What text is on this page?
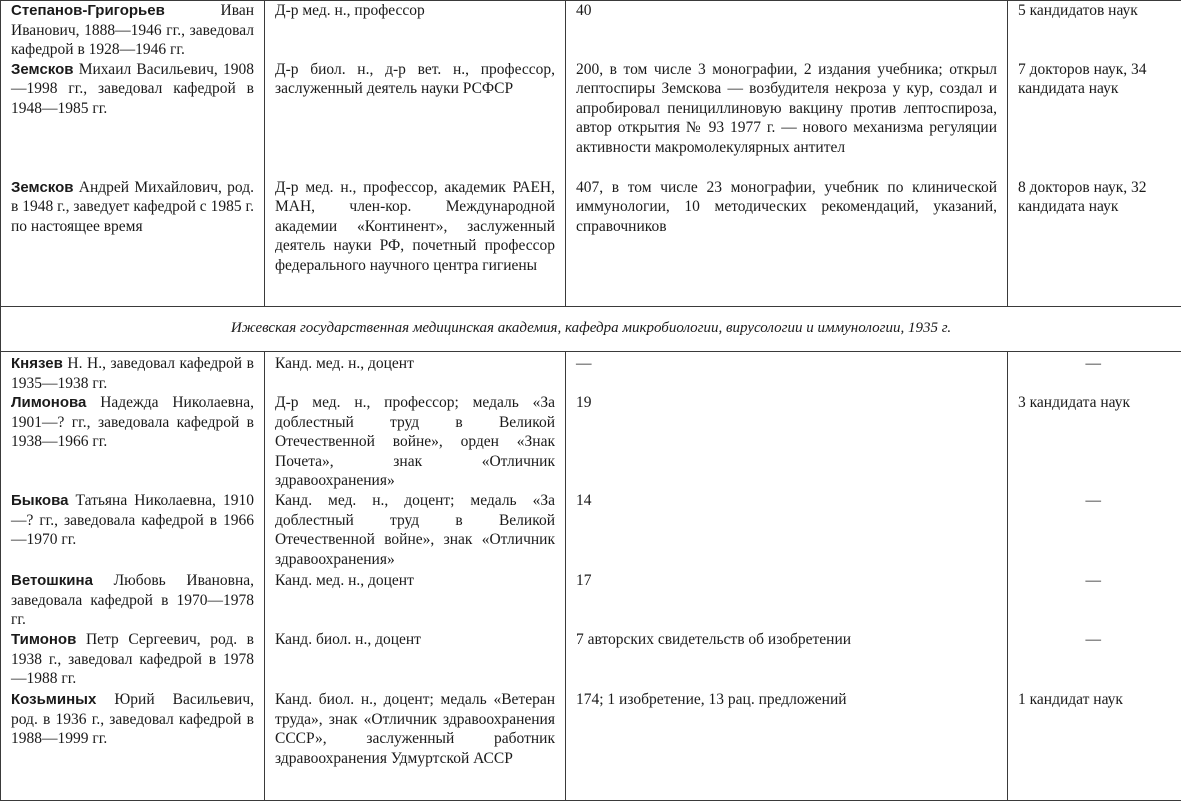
Степанов-Григорьев Иван Иванович, 1888—1946 гг., заведовал кафедрой в 1928—1946 гг.	Д-р мед. н., профессор	40	5 кандидатов наук
Земсков Михаил Васильевич, 1908—1998 гг., заведовал кафедрой в 1948—1985 гг.	Д-р биол. н., д-р вет. н., профессор, заслуженный деятель науки РСФСР	200, в том числе 3 монографии, 2 издания учебника; открыл лептоспиры Земскова — возбудителя некроза у кур, создал и апробировал пенициллиновую вакцину против лептоспироза, автор открытия № 93 1977 г. — нового механизма регуляции активности макромолекулярных антител	7 докторов наук, 34 кандидата наук
Земсков Андрей Михайлович, род. в 1948 г., заведует кафедрой с 1985 г. по настоящее время	Д-р мед. н., профессор, академик РАЕН, МАН, член-кор. Международной академии «Континент», заслуженный деятель науки РФ, почетный профессор федерального научного центра гигиены	407, в том числе 23 монографии, учебник по клинической иммунологии, 10 методических рекомендаций, указаний, справочников	8 докторов наук, 32 кандидата наук
Ижевская государственная медицинская академия, кафедра микробиологии, вирусологии и иммунологии, 1935 г.			
Князев Н. Н., заведовал кафедрой в 1935—1938 гг.	Канд. мед. н., доцент	—	—

Лимонова Надежда Николаевна, 1901—? гг., заведовала кафедрой в 1938—1966 гг.	Д-р мед. н., профессор; медаль «За доблестный труд в Великой Отечественной войне», орден «Знак Почета», знак «Отличник здравоохранения»	19	3 кандидата наук
Быкова Татьяна Николаевна, 1910—? гг., заведовала кафедрой в 1966—1970 гг.	Канд. мед. н., доцент; медаль «За доблестный труд в Великой Отечественной войне», знак «Отличник здравоохранения»	14	—

Ветошкина Любовь Ивановна, заведовала кафедрой в 1970—1978 гг.	Канд. мед. н., доцент	17	—

Тимонов Петр Сергеевич, род. в 1938 г., заведовал кафедрой в 1978—1988 гг.	Канд. биол. н., доцент	7 авторских свидетельств об изобретении	—

Козьминых Юрий Васильевич, род. в 1936 г., заведовал кафедрой в 1988—1999 гг.	Канд. биол. н., доцент; медаль «Ветеран труда», знак «Отличник здравоохранения СССР», заслуженный работник здравоохранения Удмуртской АССР	174; 1 изобретение, 13 рац. предложений	1 кандидат наук
